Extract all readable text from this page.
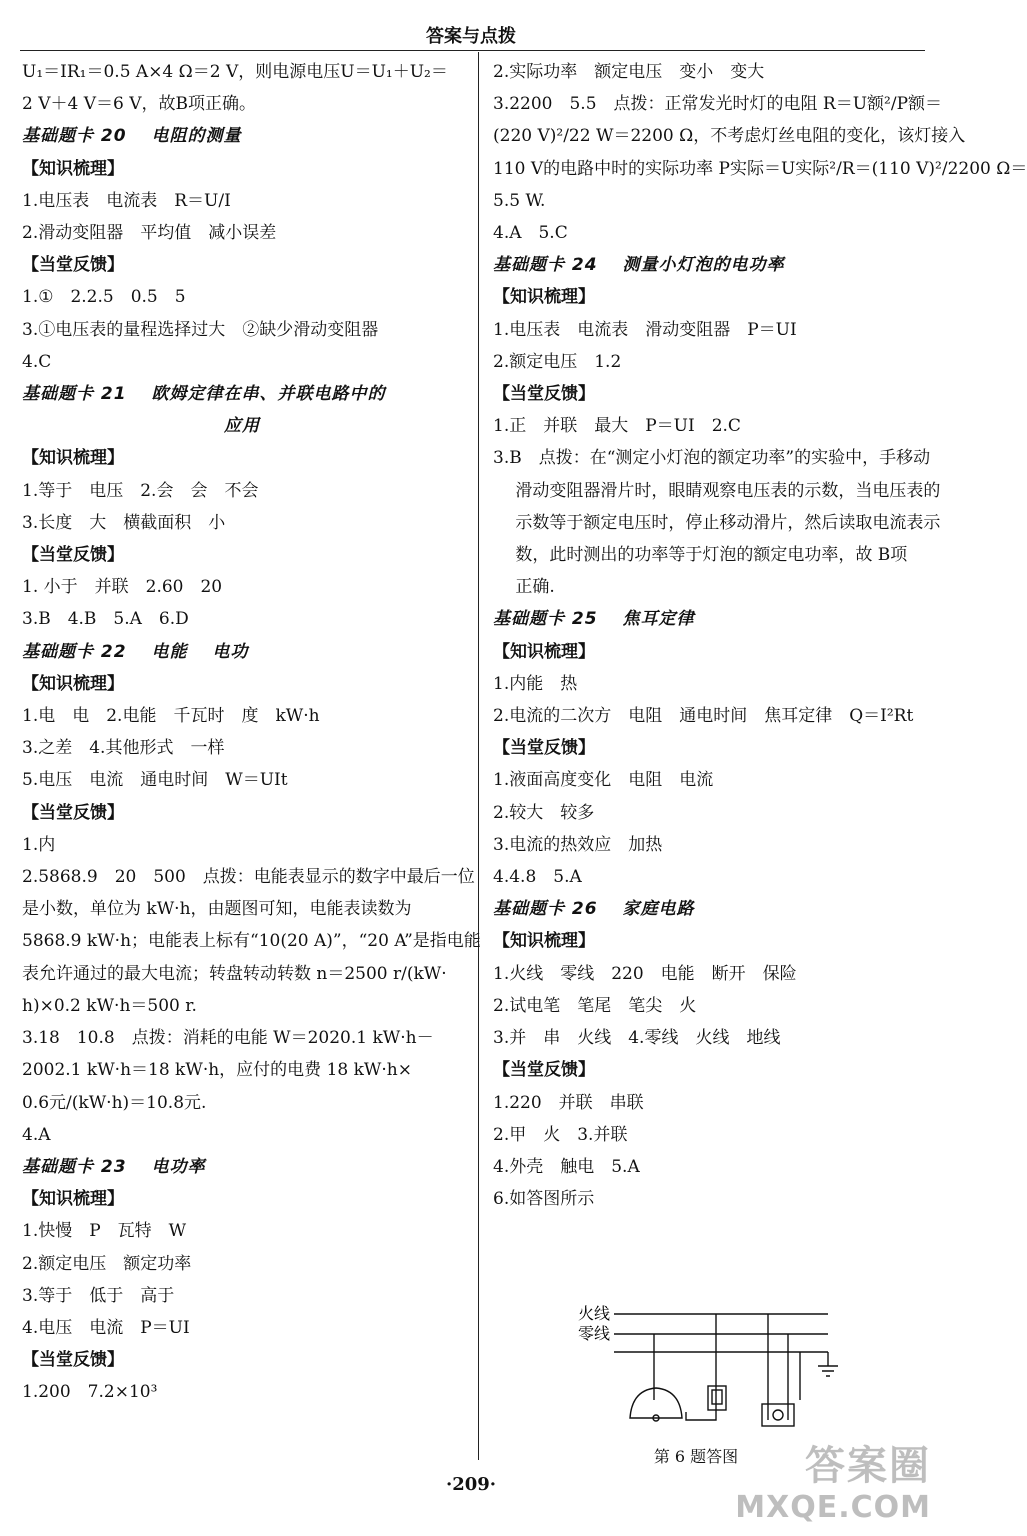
答案与点拨
U₁＝IR₁＝0.5 A×4 Ω＝2 V，则电源电压U＝U₁＋U₂＝
2 V＋4 V＝6 V，故B项正确。
基础题卡 20　 电阻的测量
【知识梳理】
1.电压表　电流表　R＝U/I
2.滑动变阻器　平均值　减小误差
【当堂反馈】
1.①　2.2.5　0.5　5
3.①电压表的量程选择过大　②缺少滑动变阻器
4.C
基础题卡 21　 欧姆定律在串、并联电路中的
应用
【知识梳理】
1.等于　电压　2.会　会　不会
3.长度　大　横截面积　小
【当堂反馈】
1. 小于　并联　2.60　20
3.B　4.B　5.A　6.D
基础题卡 22　 电能　 电功
【知识梳理】
1.电　电　2.电能　千瓦时　度　kW·h
3.之差　4.其他形式　一样
5.电压　电流　通电时间　W＝UIt
【当堂反馈】
1.内
2.5868.9　20　500　点拨：电能表显示的数字中最后一位
是小数，单位为 kW·h，由题图可知，电能表读数为
5868.9 kW·h；电能表上标有“10(20 A)”，“20 A”是指电能
表允许通过的最大电流；转盘转动转数 n＝2500 r/(kW·
h)×0.2 kW·h＝500 r.
3.18　10.8　点拨：消耗的电能 W＝2020.1 kW·h－
2002.1 kW·h＝18 kW·h，应付的电费 18 kW·h×
0.6元/(kW·h)＝10.8元.
4.A
基础题卡 23　 电功率
【知识梳理】
1.快慢　P　瓦特　W
2.额定电压　额定功率
3.等于　低于　高于
4.电压　电流　P＝UI
【当堂反馈】
1.200　7.2×10³
2.实际功率　额定电压　变小　变大
3.2200　5.5　点拨：正常发光时灯的电阻 R＝U额²/P额＝
(220 V)²/22 W＝2200 Ω，不考虑灯丝电阻的变化，该灯接入
110 V的电路中时的实际功率 P实际＝U实际²/R＝(110 V)²/2200 Ω＝
5.5 W.
4.A　5.C
基础题卡 24　 测量小灯泡的电功率
【知识梳理】
1.电压表　电流表　滑动变阻器　P＝UI
2.额定电压　1.2
【当堂反馈】
1.正　并联　最大　P＝UI　2.C
3.B　点拨：在“测定小灯泡的额定功率”的实验中，手移动
　 滑动变阻器滑片时，眼睛观察电压表的示数，当电压表的
　 示数等于额定电压时，停止移动滑片，然后读取电流表示
　 数，此时测出的功率等于灯泡的额定电功率，故 B项
　 正确.
基础题卡 25　 焦耳定律
【知识梳理】
1.内能　热
2.电流的二次方　电阻　通电时间　焦耳定律　Q＝I²Rt
【当堂反馈】
1.液面高度变化　电阻　电流
2.较大　较多
3.电流的热效应　加热
4.4.8　5.A
基础题卡 26　 家庭电路
【知识梳理】
1.火线　零线　220　电能　断开　保险
2.试电笔　笔尾　笔尖　火
3.并　串　火线　4.零线　火线　地线
【当堂反馈】
1.220　并联　串联
2.甲　火　3.并联
4.外壳　触电　5.A
6.如答图所示
火线
零线
第 6 题答图
·209·	答案圈
MXQE.COM
